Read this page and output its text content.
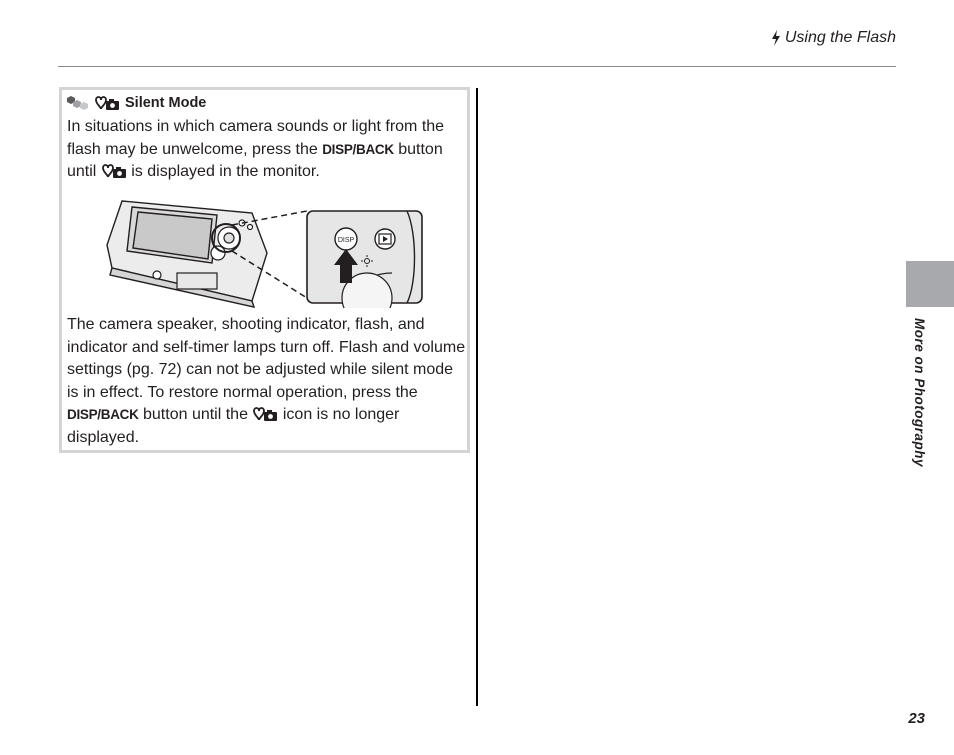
Using the Flash
Silent Mode

In situations in which camera sounds or light from the flash may be unwelcome, press the DISP/BACK button until  is displayed in the monitor.

DISP

The camera speaker, shooting indicator, flash, and indicator and self-timer lamps turn off. Flash and volume settings (pg. 72) can not be adjusted while silent mode is in effect. To restore normal operation, press the DISP/BACK button until the  icon is no longer displayed.	More on Photography
23
